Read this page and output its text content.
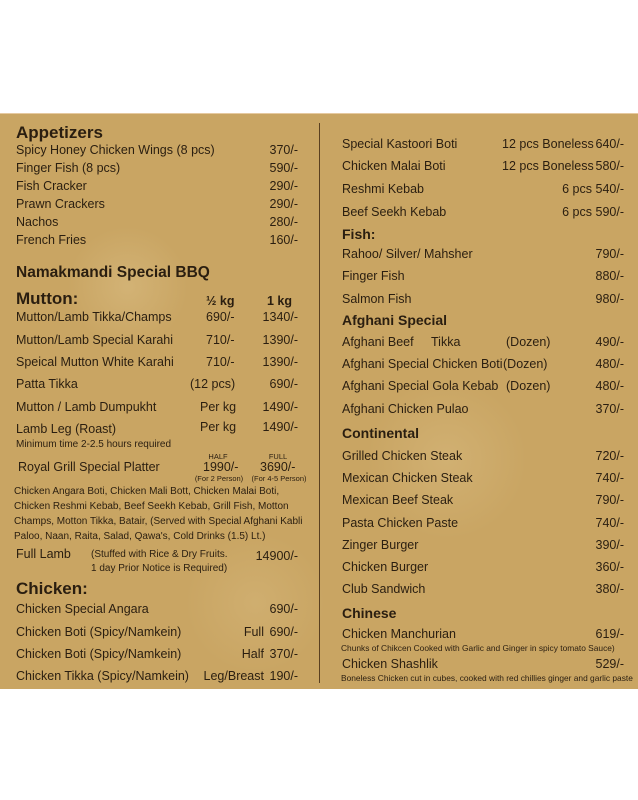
Appetizers
Spicy Honey Chicken Wings (8 pcs)	370/-
Finger Fish (8 pcs)	590/-
Fish Cracker	290/-
Prawn Crackers	290/-
Nachos	280/-
French Fries	160/-
Namakmandi Special BBQ
Mutton:	½ kg	1 kg
Mutton/Lamb Tikka/Champs	690/-	1340/-
Mutton/Lamb Special Karahi	710/-	1390/-
Speical Mutton White Karahi	710/-	1390/-
Patta Tikka	(12 pcs)	690/-
Mutton / Lamb Dumpukht	Per kg	1490/-
Lamb Leg (Roast)	Per kg	1490/-
Minimum time 2-2.5 hours required
HALF	FULL
Royal Grill Special Platter	1990/- 3690/-
(For 2 Person)	(For 4-5 Person)
Chicken Angara Boti, Chicken Mali Bott, Chicken Malai Boti, Chicken Reshmi Kebab, Beef Seekh Kebab, Grill Fish, Motton Champs, Motton Tikka, Batair, (Served with Special Afghani Kabli Paloo, Naan, Raita, Salad, Qawa's, Cold Drinks (1.5) Lt.)
Full Lamb (Stuffed with Rice & Dry Fruits.
1 day Prior Notice is Required)
14900/-
Chicken:
Chicken Special Angara	690/-
Chicken Boti (Spicy/Namkein)	Full 690/-
Chicken Boti (Spicy/Namkein)	Half 370/-
Chicken Tikka (Spicy/Namkein)	Leg/Breast 190/-
Special Kastoori Boti	12 pcs Boneless 640/-
Chicken Malai Boti	12 pcs Boneless 580/-
Reshmi Kebab	6 pcs 540/-
Beef Seekh Kebab	6 pcs 590/-
Fish:
Rahoo/ Silver/ Mahsher	790/-
Finger Fish	880/-
Salmon Fish	980/-
Afghani Special
Afghani Beef Tikka	(Dozen)	490/-
Afghani Special Chicken Boti (Dozen)	480/-
Afghani Special Gola Kebab (Dozen)	480/-
Afghani Chicken Pulao	370/-
Continental
Grilled Chicken Steak	720/-
Mexican Chicken Steak	740/-
Mexican Beef Steak	790/-
Pasta Chicken Paste	740/-
Zinger Burger	390/-
Chicken Burger	360/-
Club Sandwich	380/-
Chinese
Chicken Manchurian	619/-
Chunks of Chikcen Cooked with Garlic and Ginger in spicy tomato Sauce)
Chicken Shashlik	529/-
Boneless Chicken cut in cubes, cooked with red chillies ginger and garlic paste
